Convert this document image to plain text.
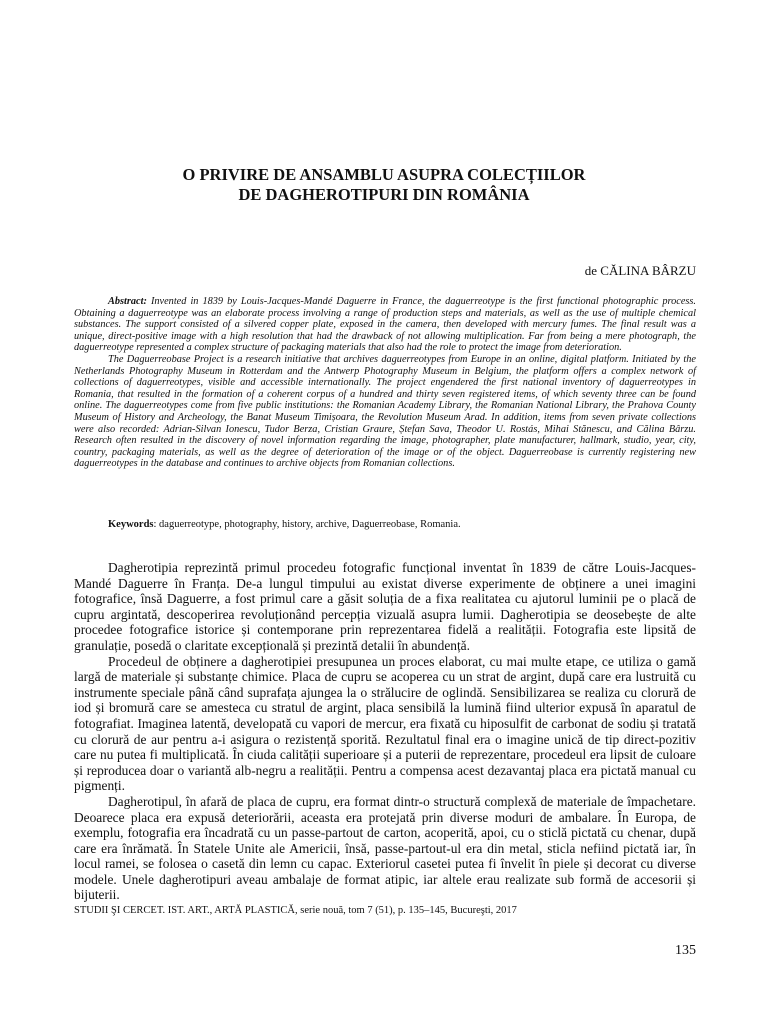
O PRIVIRE DE ANSAMBLU ASUPRA COLECȚIILOR
DE DAGHEROTIPURI DIN ROMÂNIA

de CĂLINA BÂRZU

Abstract: Invented in 1839 by Louis-Jacques-Mandé Daguerre in France, the daguerreotype is the first functional photographic process. Obtaining a daguerreotype was an elaborate process involving a range of production steps and materials, as well as the use of multiple chemical substances. The support consisted of a silvered copper plate, exposed in the camera, then developed with mercury fumes. The final result was a unique, direct-positive image with a high resolution that had the drawback of not allowing multiplication. Far from being a mere photograph, the daguerreotype represented a complex structure of packaging materials that also had the role to protect the image from deterioration.

The Daguerreobase Project is a research initiative that archives daguerreotypes from Europe in an online, digital platform. Initiated by the Netherlands Photography Museum in Rotterdam and the Antwerp Photography Museum in Belgium, the platform offers a complex network of collections of daguerreotypes, visible and accessible internationally. The project engendered the first national inventory of daguerreotypes in Romania, that resulted in the formation of a coherent corpus of a hundred and thirty seven registered items, of which seventy three can be found online. The daguerreotypes come from five public institutions: the Romanian Academy Library, the Romanian National Library, the Prahova County Museum of History and Archeology, the Banat Museum Timișoara, the Revolution Museum Arad. In addition, items from seven private collections were also recorded: Adrian-Silvan Ionescu, Tudor Berza, Cristian Graure, Ștefan Sava, Theodor U. Rostás, Mihai Stănescu, and Călina Bârzu. Research often resulted in the discovery of novel information regarding the image, photographer, plate manufacturer, hallmark, studio, year, city, country, packaging materials, as well as the degree of deterioration of the image or of the object. Daguerreobase is currently registering new daguerreotypes in the database and continues to archive objects from Romanian collections.

Keywords: daguerreotype, photography, history, archive, Daguerreobase, Romania.

Dagherotipia reprezintă primul procedeu fotografic funcțional inventat în 1839 de către Louis-Jacques-Mandé Daguerre în Franța. De-a lungul timpului au existat diverse experimente de obținere a unei imagini fotografice, însă Daguerre, a fost primul care a găsit soluția de a fixa realitatea cu ajutorul luminii pe o placă de cupru argintată, descoperirea revoluționând percepția vizuală asupra lumii. Dagherotipia se deosebește de alte procedee fotografice istorice și contemporane prin reprezentarea fidelă a realității. Fotografia este lipsită de granulație, posedă o claritate excepțională și prezintă detalii în abundență.

Procedeul de obținere a dagherotipiei presupunea un proces elaborat, cu mai multe etape, ce utiliza o gamă largă de materiale și substanțe chimice. Placa de cupru se acoperea cu un strat de argint, după care era lustruită cu instrumente speciale până când suprafața ajungea la o strălucire de oglindă. Sensibilizarea se realiza cu clorură de iod și bromură care se amesteca cu stratul de argint, placa sensibilă la lumină fiind ulterior expusă în aparatul de fotografiat. Imaginea latentă, developată cu vapori de mercur, era fixată cu hiposulfit de carbonat de sodiu și tratată cu clorură de aur pentru a-i asigura o rezistență sporită. Rezultatul final era o imagine unică de tip direct-pozitiv care nu putea fi multiplicată. În ciuda calității superioare și a puterii de reprezentare, procedeul era lipsit de culoare și reproducea doar o variantă alb-negru a realității. Pentru a compensa acest dezavantaj placa era pictată manual cu pigmenți.

Dagherotipul, în afară de placa de cupru, era format dintr-o structură complexă de materiale de împachetare. Deoarece placa era expusă deteriorării, aceasta era protejată prin diverse moduri de ambalare. În Europa, de exemplu, fotografia era încadrată cu un passe-partout de carton, acoperită, apoi, cu o sticlă pictată cu chenar, după care era înrămată. În Statele Unite ale Americii, însă, passe-partout-ul era din metal, sticla nefiind pictată iar, în locul ramei, se folosea o casetă din lemn cu capac. Exteriorul casetei putea fi învelit în piele și decorat cu diverse modele. Unele dagherotipuri aveau ambalaje de format atipic, iar altele erau realizate sub formă de accesorii și bijuterii.

STUDII ŞI CERCET. IST. ART., ARTĂ PLASTICĂ, serie nouă, tom 7 (51), p. 135–145, Bucureşti, 2017

135
